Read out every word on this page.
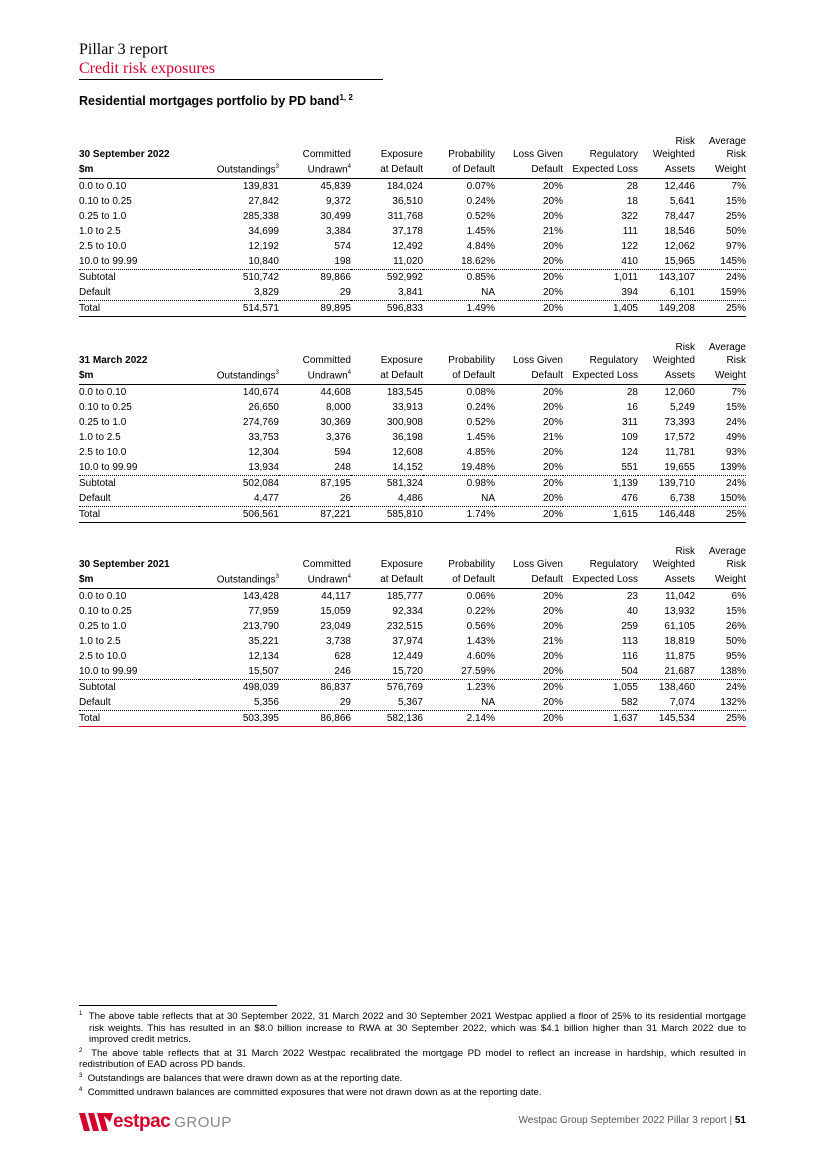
Pillar 3 report
Credit risk exposures
Residential mortgages portfolio by PD band$^{1, 2}$
							Risk	Average
30 September 2022		Committed	Exposure	Probability	Loss Given	Regulatory	Weighted	Risk
$m	Outstandings$^3$	Undrawn$^4$	at Default	of Default	Default	Expected Loss	Assets	Weight
0.0 to 0.10	139,831	45,839	184,024	0.07%	20%	28	12,446	7%
0.10 to 0.25	27,842	9,372	36,510	0.24%	20%	18	5,641	15%
0.25 to 1.0	285,338	30,499	311,768	0.52%	20%	322	78,447	25%
1.0 to 2.5	34,699	3,384	37,178	1.45%	21%	111	18,546	50%
2.5 to 10.0	12,192	574	12,492	4.84%	20%	122	12,062	97%
10.0 to 99.99	10,840	198	11,020	18.62%	20%	410	15,965	145%
Subtotal	510,742	89,866	592,992	0.85%	20%	1,011	143,107	24%
Default	3,829	29	3,841	NA	20%	394	6,101	159%
Total	514,571	89,895	596,833	1.49%	20%	1,405	149,208	25%
							Risk	Average
31 March 2022		Committed	Exposure	Probability	Loss Given	Regulatory	Weighted	Risk
$m	Outstandings$^3$	Undrawn$^4$	at Default	of Default	Default	Expected Loss	Assets	Weight
0.0 to 0.10	140,674	44,608	183,545	0.08%	20%	28	12,060	7%
0.10 to 0.25	26,650	8,000	33,913	0.24%	20%	16	5,249	15%
0.25 to 1.0	274,769	30,369	300,908	0.52%	20%	311	73,393	24%
1.0 to 2.5	33,753	3,376	36,198	1.45%	21%	109	17,572	49%
2.5 to 10.0	12,304	594	12,608	4.85%	20%	124	11,781	93%
10.0 to 99.99	13,934	248	14,152	19.48%	20%	551	19,655	139%
Subtotal	502,084	87,195	581,324	0.98%	20%	1,139	139,710	24%
Default	4,477	26	4,486	NA	20%	476	6,738	150%
Total	506,561	87,221	585,810	1.74%	20%	1,615	146,448	25%
							Risk	Average
30 September 2021		Committed	Exposure	Probability	Loss Given	Regulatory	Weighted	Risk
$m	Outstandings$^3$	Undrawn$^4$	at Default	of Default	Default	Expected Loss	Assets	Weight
0.0 to 0.10	143,428	44,117	185,777	0.06%	20%	23	11,042	6%
0.10 to 0.25	77,959	15,059	92,334	0.22%	20%	40	13,932	15%
0.25 to 1.0	213,790	23,049	232,515	0.56%	20%	259	61,105	26%
1.0 to 2.5	35,221	3,738	37,974	1.43%	21%	113	18,819	50%
2.5 to 10.0	12,134	628	12,449	4.60%	20%	116	11,875	95%
10.0 to 99.99	15,507	246	15,720	27.59%	20%	504	21,687	138%
Subtotal	498,039	86,837	576,769	1.23%	20%	1,055	138,460	24%
Default	5,356	29	5,367	NA	20%	582	7,074	132%
Total	503,395	86,866	582,136	2.14%	20%	1,637	145,534	25%

$^1$ The above table reflects that at 30 September 2022, 31 March 2022 and 30 September 2021 Westpac applied a floor of 25% to its residential mortgage risk weights. This has resulted in an $8.0 billion increase to RWA at 30 September 2022, which was $4.1 billion higher than 31 March 2022 due to improved credit metrics.

$^2$ The above table reflects that at 31 March 2022 Westpac recalibrated the mortgage PD model to reflect an increase in hardship, which resulted in redistribution of EAD across PD bands.

$^3$ Outstandings are balances that were drawn down as at the reporting date.

$^4$ Committed undrawn balances are committed exposures that were not drawn down as at the reporting date.

estpac GROUP	Westpac Group September 2022 Pillar 3 report | 51
